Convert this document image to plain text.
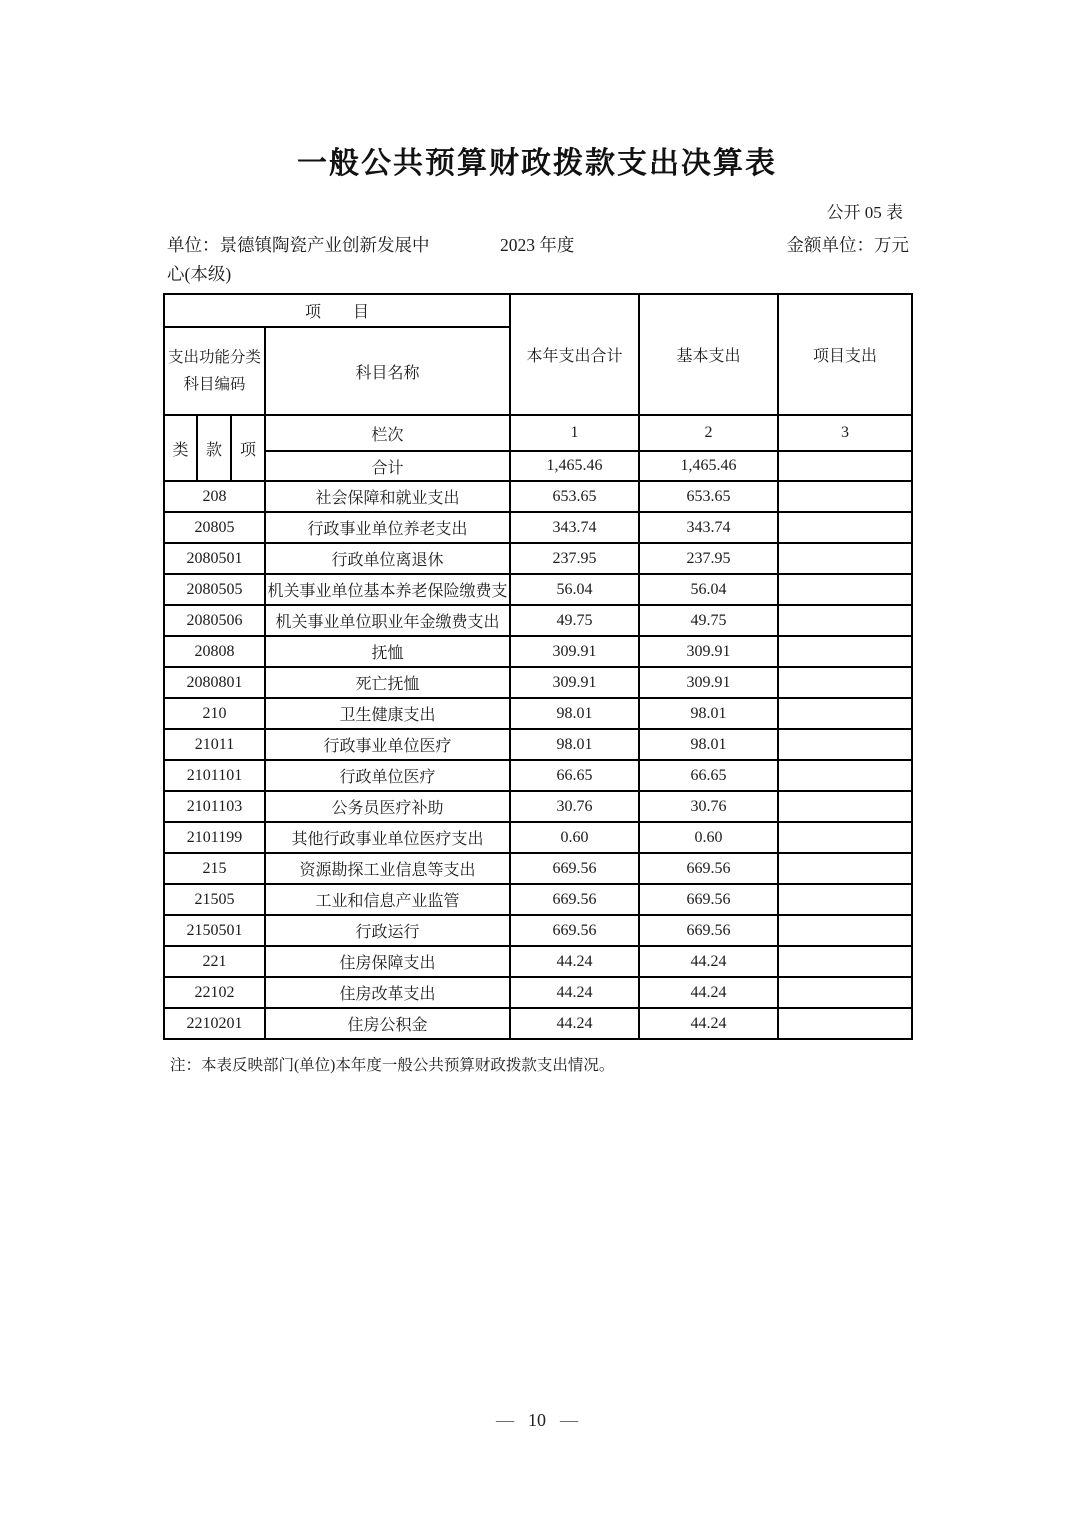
一般公共预算财政拨款支出决算表
公开 05 表
单位：景德镇陶瓷产业创新发展中
心(本级)
2023 年度	金额单位：万元
项　　目				本年支出合计	基本支出	项目支出

支出功能分类
科目编码			科目名称			
类	款	项	栏次	1	2	3
			合计	1,465.46	1,465.46	
208			社会保障和就业支出	653.65	653.65	
20805			行政事业单位养老支出	343.74	343.74	
2080501			行政单位离退休	237.95	237.95	
2080505			机关事业单位基本养老保险缴费支	56.04	56.04	
2080506			机关事业单位职业年金缴费支出	49.75	49.75	
20808			抚恤	309.91	309.91	
2080801			死亡抚恤	309.91	309.91	
210			卫生健康支出	98.01	98.01	
21011			行政事业单位医疗	98.01	98.01	
2101101			行政单位医疗	66.65	66.65	
2101103			公务员医疗补助	30.76	30.76	
2101199			其他行政事业单位医疗支出	0.60	0.60	
215			资源勘探工业信息等支出	669.56	669.56	
21505			工业和信息产业监管	669.56	669.56	
2150501			行政运行	669.56	669.56	
221			住房保障支出	44.24	44.24	
22102			住房改革支出	44.24	44.24	
2210201			住房公积金	44.24	44.24	
注：本表反映部门(单位)本年度一般公共预算财政拨款支出情况。
— 10 —
